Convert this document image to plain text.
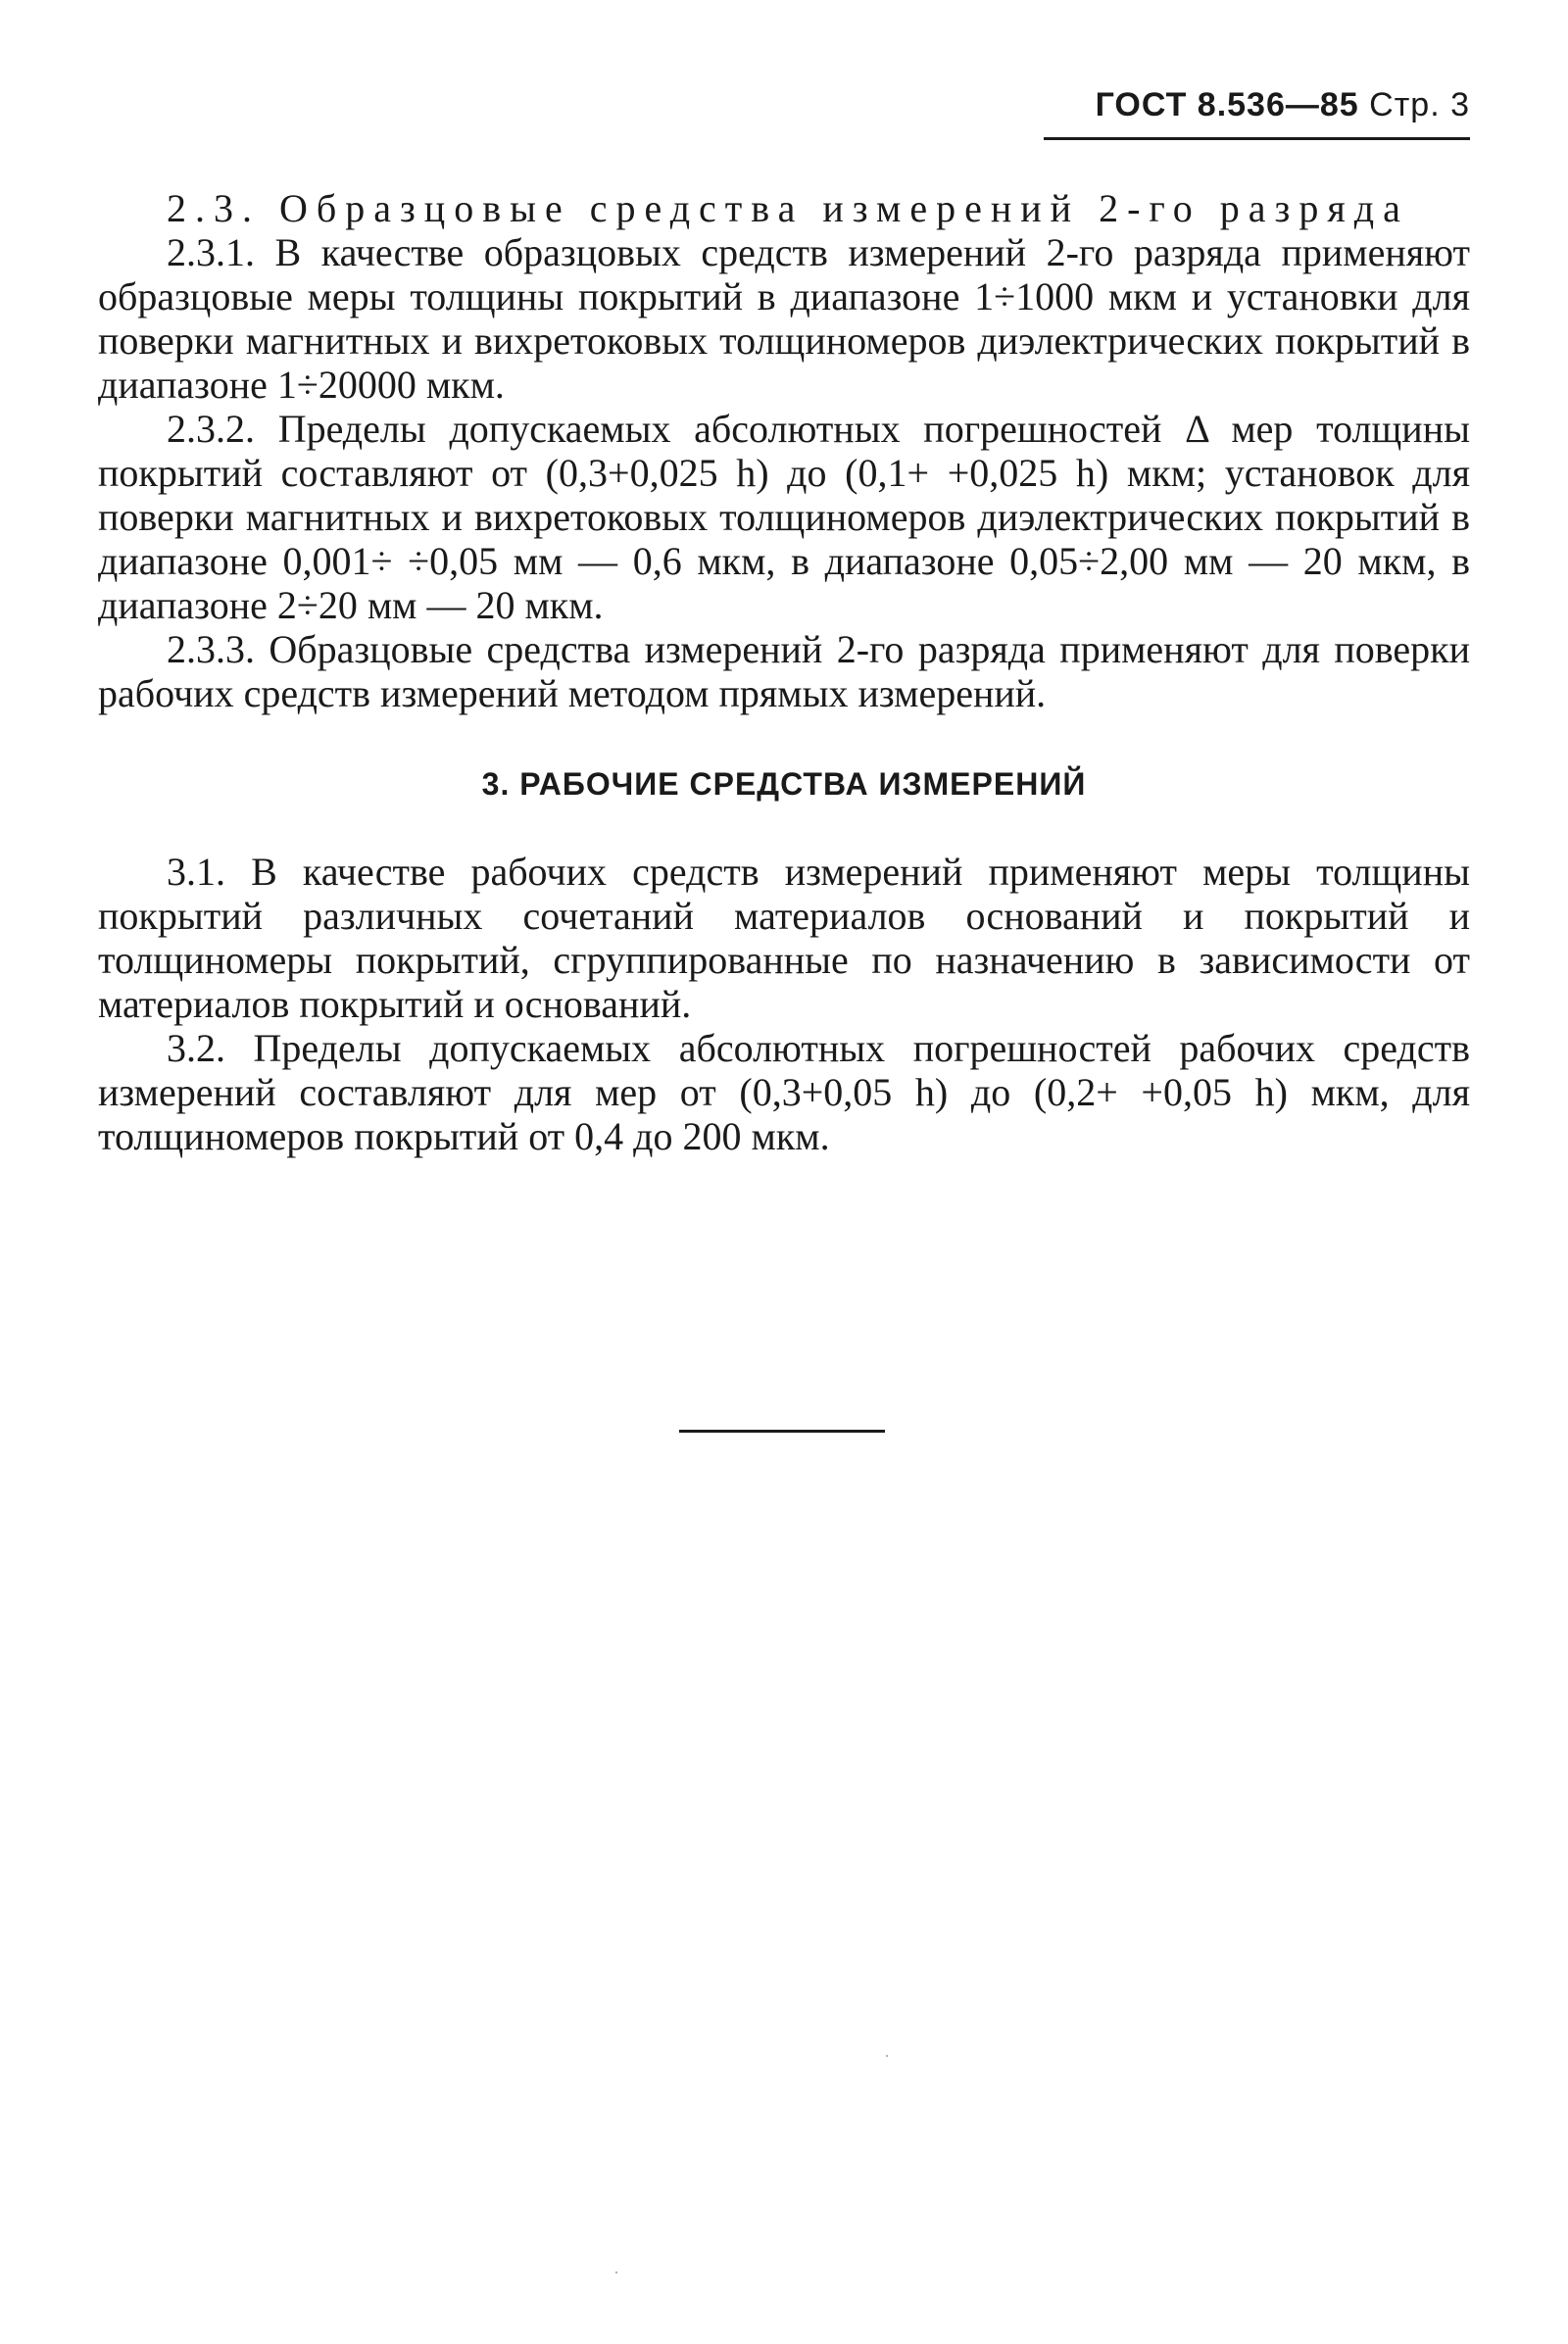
ГОСТ 8.536—85 Стр. 3

2.3. Образцовые средства измерений 2-го разряда

2.3.1. В качестве образцовых средств измерений 2-го разряда применяют образцовые меры толщины покрытий в диапазоне 1÷1000 мкм и установки для поверки магнитных и вихретоковых толщиномеров диэлектрических покрытий в диапазоне 1÷20000 мкм.

2.3.2. Пределы допускаемых абсолютных погрешностей Δ мер толщины покрытий составляют от (0,3+0,025 h) до (0,1+ +0,025 h) мкм; установок для поверки магнитных и вихретоковых толщиномеров диэлектрических покрытий в диапазоне 0,001÷ ÷0,05 мм — 0,6 мкм, в диапазоне 0,05÷2,00 мм — 20 мкм, в диапазоне 2÷20 мм — 20 мкм.

2.3.3. Образцовые средства измерений 2-го разряда применяют для поверки рабочих средств измерений методом прямых измерений.

3. РАБОЧИЕ СРЕДСТВА ИЗМЕРЕНИЙ

3.1. В качестве рабочих средств измерений применяют меры толщины покрытий различных сочетаний материалов оснований и покрытий и толщиномеры покрытий, сгруппированные по назначению в зависимости от материалов покрытий и оснований.

3.2. Пределы допускаемых абсолютных погрешностей рабочих средств измерений составляют для мер от (0,3+0,05 h) до (0,2+ +0,05 h) мкм, для толщиномеров покрытий от 0,4 до 200 мкм.
